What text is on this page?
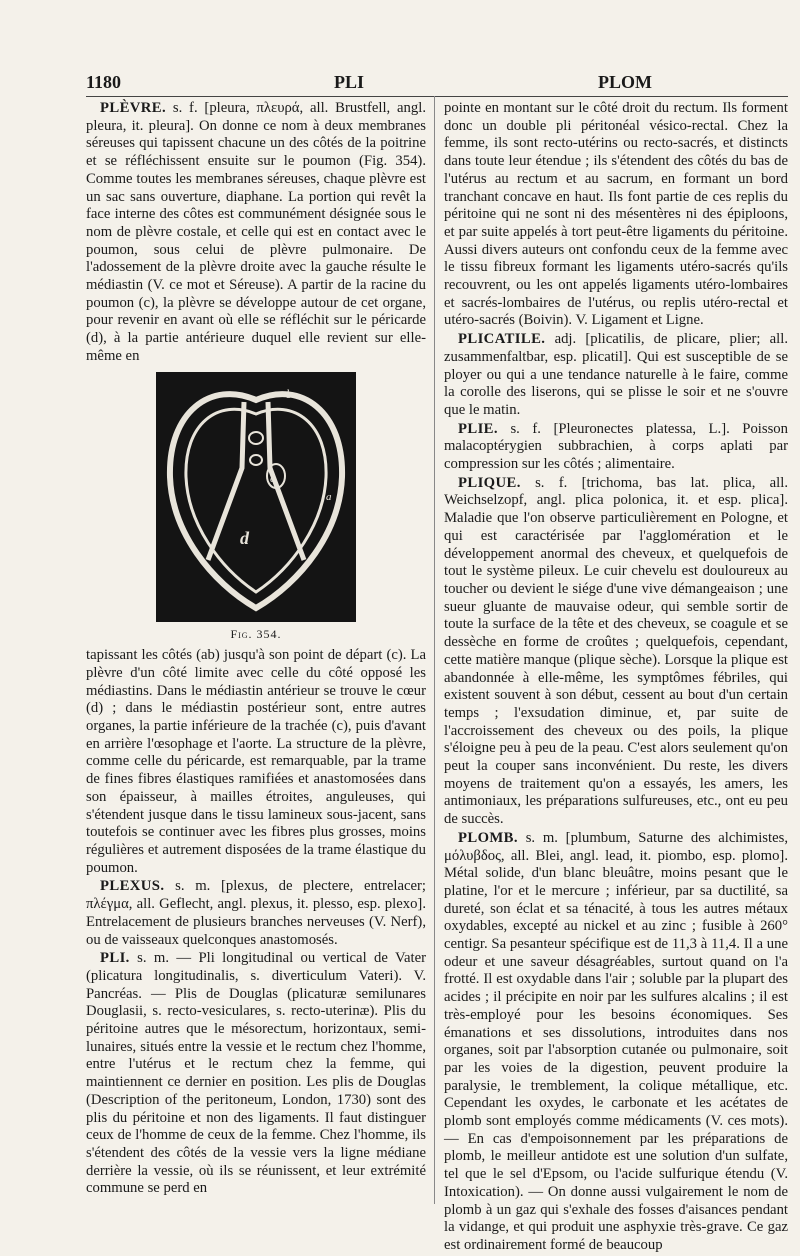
1180	PLI	PLOM

PLÈVRE. s. f. [pleura, πλευρά, all. Brustfell, angl. pleura, it. pleura]. On donne ce nom à deux membranes séreuses qui tapissent chacune un des côtés de la poitrine et se réfléchissent ensuite sur le poumon (Fig. 354). Comme toutes les membranes séreuses, chaque plèvre est un sac sans ouverture, diaphane. La portion qui revêt la face interne des côtes est communément désignée sous le nom de plèvre costale, et celle qui est en contact avec le poumon, sous celui de plèvre pulmonaire. De l'adossement de la plèvre droite avec la gauche résulte le médiastin (V. ce mot et Séreuse). A partir de la racine du poumon (c), la plèvre se développe autour de cet organe, pour revenir en avant où elle se réfléchit sur le péricarde (d), à la partie antérieure duquel elle revient sur elle-même en

b
c
a
d
Fig. 354.

tapissant les côtés (ab) jusqu'à son point de départ (c). La plèvre d'un côté limite avec celle du côté opposé les médiastins. Dans le médiastin antérieur se trouve le cœur (d) ; dans le médiastin postérieur sont, entre autres organes, la partie inférieure de la trachée (c), puis d'avant en arrière l'œsophage et l'aorte. La structure de la plèvre, comme celle du péricarde, est remarquable, par la trame de fines fibres élastiques ramifiées et anastomosées dans son épaisseur, à mailles étroites, anguleuses, qui s'étendent jusque dans le tissu lamineux sous-jacent, sans toutefois se continuer avec les fibres plus grosses, moins régulières et autrement disposées de la trame élastique du poumon.

PLEXUS. s. m. [plexus, de plectere, entrelacer; πλέγμα, all. Geflecht, angl. plexus, it. plesso, esp. plexo]. Entrelacement de plusieurs branches nerveuses (V. Nerf), ou de vaisseaux quelconques anastomosés.

PLI. s. m. — Pli longitudinal ou vertical de Vater (plicatura longitudinalis, s. diverticulum Vateri). V. Pancréas. — Plis de Douglas (plicaturæ semilunares Douglasii, s. recto-vesiculares, s. recto-uterinæ). Plis du péritoine autres que le mésorectum, horizontaux, semi-lunaires, situés entre la vessie et le rectum chez l'homme, entre l'utérus et le rectum chez la femme, qui maintiennent ce dernier en position. Les plis de Douglas (Description of the peritoneum, London, 1730) sont des plis du péritoine et non des ligaments. Il faut distinguer ceux de l'homme de ceux de la femme. Chez l'homme, ils s'étendent des côtés de la vessie vers la ligne médiane derrière la vessie, où ils se réunissent, et leur extrémité commune se perd en

pointe en montant sur le côté droit du rectum. Ils forment donc un double pli péritonéal vésico-rectal. Chez la femme, ils sont recto-utérins ou recto-sacrés, et distincts dans toute leur étendue ; ils s'étendent des côtés du bas de l'utérus au rectum et au sacrum, en formant un bord tranchant concave en haut. Ils font partie de ces replis du péritoine qui ne sont ni des mésentères ni des épiploons, et par suite appelés à tort peut-être ligaments du péritoine. Aussi divers auteurs ont confondu ceux de la femme avec le tissu fibreux formant les ligaments utéro-sacrés qu'ils recouvrent, ou les ont appelés ligaments utéro-lombaires et sacrés-lombaires de l'utérus, ou replis utéro-rectal et utéro-sacrés (Boivin). V. Ligament et Ligne.

PLICATILE. adj. [plicatilis, de plicare, plier; all. zusammenfaltbar, esp. plicatil]. Qui est susceptible de se ployer ou qui a une tendance naturelle à le faire, comme la corolle des liserons, qui se plisse le soir et ne s'ouvre que le matin.

PLIE. s. f. [Pleuronectes platessa, L.]. Poisson malacoptérygien subbrachien, à corps aplati par compression sur les côtés ; alimentaire.

PLIQUE. s. f. [trichoma, bas lat. plica, all. Weichselzopf, angl. plica polonica, it. et esp. plica]. Maladie que l'on observe particulièrement en Pologne, et qui est caractérisée par l'agglomération et le développement anormal des cheveux, et quelquefois de tout le système pileux. Le cuir chevelu est douloureux au toucher ou devient le siége d'une vive démangeaison ; une sueur gluante de mauvaise odeur, qui semble sortir de toute la surface de la tête et des cheveux, se coagule et se dessèche en forme de croûtes ; quelquefois, cependant, cette matière manque (plique sèche). Lorsque la plique est abandonnée à elle-même, les symptômes fébriles, qui existent souvent à son début, cessent au bout d'un certain temps ; l'exsudation diminue, et, par suite de l'accroissement des cheveux ou des poils, la plique s'éloigne peu à peu de la peau. C'est alors seulement qu'on peut la couper sans inconvénient. Du reste, les divers moyens de traitement qu'on a essayés, les amers, les antimoniaux, les préparations sulfureuses, etc., ont eu peu de succès.

PLOMB. s. m. [plumbum, Saturne des alchimistes, μόλυβδος, all. Blei, angl. lead, it. piombo, esp. plomo]. Métal solide, d'un blanc bleuâtre, moins pesant que le platine, l'or et le mercure ; inférieur, par sa ductilité, sa dureté, son éclat et sa ténacité, à tous les autres métaux oxydables, excepté au nickel et au zinc ; fusible à 260° centigr. Sa pesanteur spécifique est de 11,3 à 11,4. Il a une odeur et une saveur désagréables, surtout quand on l'a frotté. Il est oxydable dans l'air ; soluble par la plupart des acides ; il précipite en noir par les sulfures alcalins ; il est très-employé pour les besoins économiques. Ses émanations et ses dissolutions, introduites dans nos organes, soit par l'absorption cutanée ou pulmonaire, soit par les voies de la digestion, peuvent produire la paralysie, le tremblement, la colique métallique, etc. Cependant les oxydes, le carbonate et les acétates de plomb sont employés comme médicaments (V. ces mots). — En cas d'empoisonnement par les préparations de plomb, le meilleur antidote est une solution d'un sulfate, tel que le sel d'Epsom, ou l'acide sulfurique étendu (V. Intoxication). — On donne aussi vulgairement le nom de plomb à un gaz qui s'exhale des fosses d'aisances pendant la vidange, et qui produit une asphyxie très-grave. Ce gaz est ordinairement formé de beaucoup
